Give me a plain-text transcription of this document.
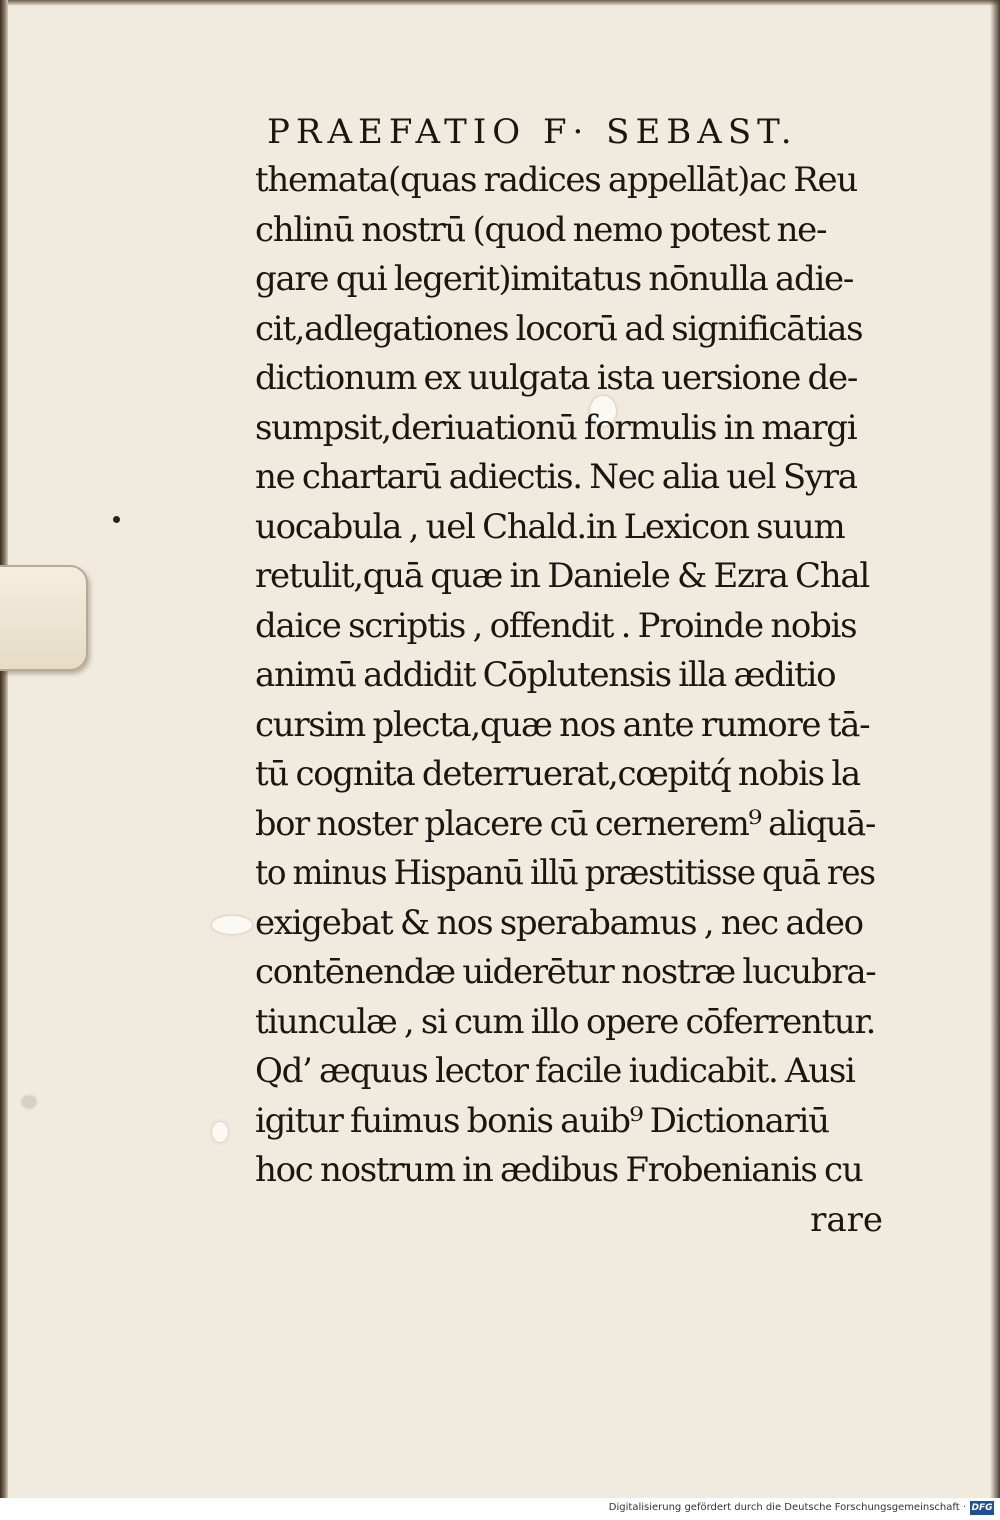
PRAEFATIO F· SEBAST.
themata(quas radices appellāt)ac Reu
chlinū nostrū (quod nemo potest ne-
gare qui legerit)imitatus nōnulla adie-
cit,adlegationes locorū ad significātias
dictionum ex uulgata ista uersione de-
sumpsit,deriuationū formulis in margi
ne chartarū adiectis. Nec alia uel Syra
uocabula , uel Chald.in Lexicon suum
retulit,quā quæ in Daniele & Ezra Chal
daice scriptis , offendit . Proinde nobis
animū addidit Cōplutensis illa æditio
cursim plecta,quæ nos ante rumore tā-
tū cognita deterruerat,cœpitq́ nobis la
bor noster placere cū cernerem⁹ aliquā-
to minus Hispanū illū præstitisse quā res
exigebat & nos sperabamus , nec adeo
contēnendæ uiderētur nostræ lucubra-
tiunculæ , si cum illo opere cōferrentur.
Qd’ æquus lector facile iudicabit. Ausi
igitur fuimus bonis auib⁹ Dictionariū
hoc nostrum in ædibus Frobenianis cu
rare
Digitalisierung gefördert durch die Deutsche Forschungsgemeinschaft · DFG
